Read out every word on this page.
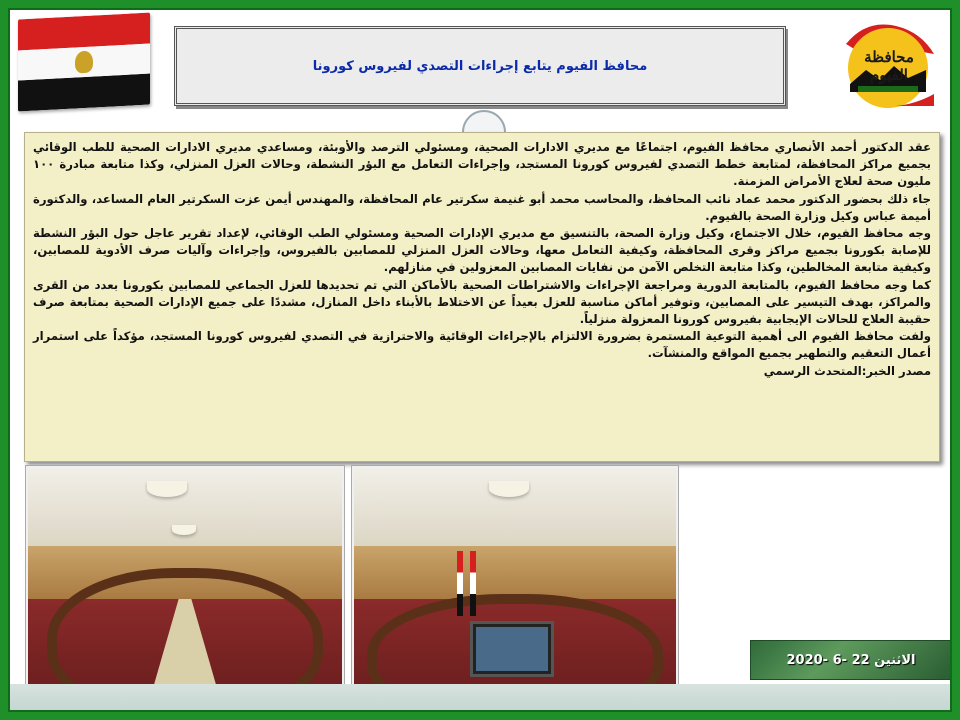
محافظ الفيوم يتابع إجراءات التصدي لفيروس كورونا	محافظة الفيوم

عقد الدكتور أحمد الأنصاري محافظ الفيوم، اجتماعًا مع مديري الادارات الصحية، ومسئولي الترصد والأوبئة، ومساعدي مديري الادارات الصحية للطب الوقائي بجميع مراكز المحافظة، لمتابعة خطط التصدي لفيروس كورونا المستجد، وإجراءات التعامل مع البؤر النشطة، وحالات العزل المنزلي، وكذا متابعة مبادرة ١٠٠ مليون صحة لعلاج الأمراض المزمنة.

جاء ذلك بحضور الدكتور محمد عماد نائب المحافظ، والمحاسب محمد أبو غنيمة سكرتير عام المحافظة، والمهندس أيمن عزت السكرتير العام المساعد، والدكتورة أميمة عباس وكيل وزارة الصحة بالفيوم.

وجه محافظ الفيوم، خلال الاجتماع، وكيل وزارة الصحة، بالتنسيق مع مديري الإدارات الصحية ومسئولي الطب الوقائي، لإعداد تقرير عاجل حول البؤر النشطة للإصابة بكورونا بجميع مراكز وقرى المحافظة، وكيفية التعامل معها، وحالات العزل المنزلي للمصابين بالفيروس، وإجراءات وآليات صرف الأدوية للمصابين، وكيفية متابعة المخالطين، وكذا متابعة التخلص الآمن من نفايات المصابين المعزولين في منازلهم.

كما وجه محافظ الفيوم، بالمتابعة الدورية ومراجعة الإجراءات والاشتراطات الصحية بالأماكن التي تم تحديدها للعزل الجماعي للمصابين بكورونا بعدد من القرى والمراكز، بهدف التيسير على المصابين، وتوفير أماكن مناسبة للعزل بعيداً عن الاختلاط بالأبناء داخل المنازل، مشددًا على جميع الإدارات الصحية بمتابعة صرف حقيبة العلاج للحالات الإيجابية بفيروس كورونا المعزولة منزلياً.

ولفت محافظ الفيوم الى أهمية التوعية المستمرة بضرورة الالتزام بالإجراءات الوقائية والاحترازية في التصدي لفيروس كورونا المستجد، مؤكداً على استمرار أعمال التعقيم والتطهير بجميع المواقع والمنشآت.

مصدر الخبر:المتحدث الرسمي

الاثنين 22 -6 -2020
